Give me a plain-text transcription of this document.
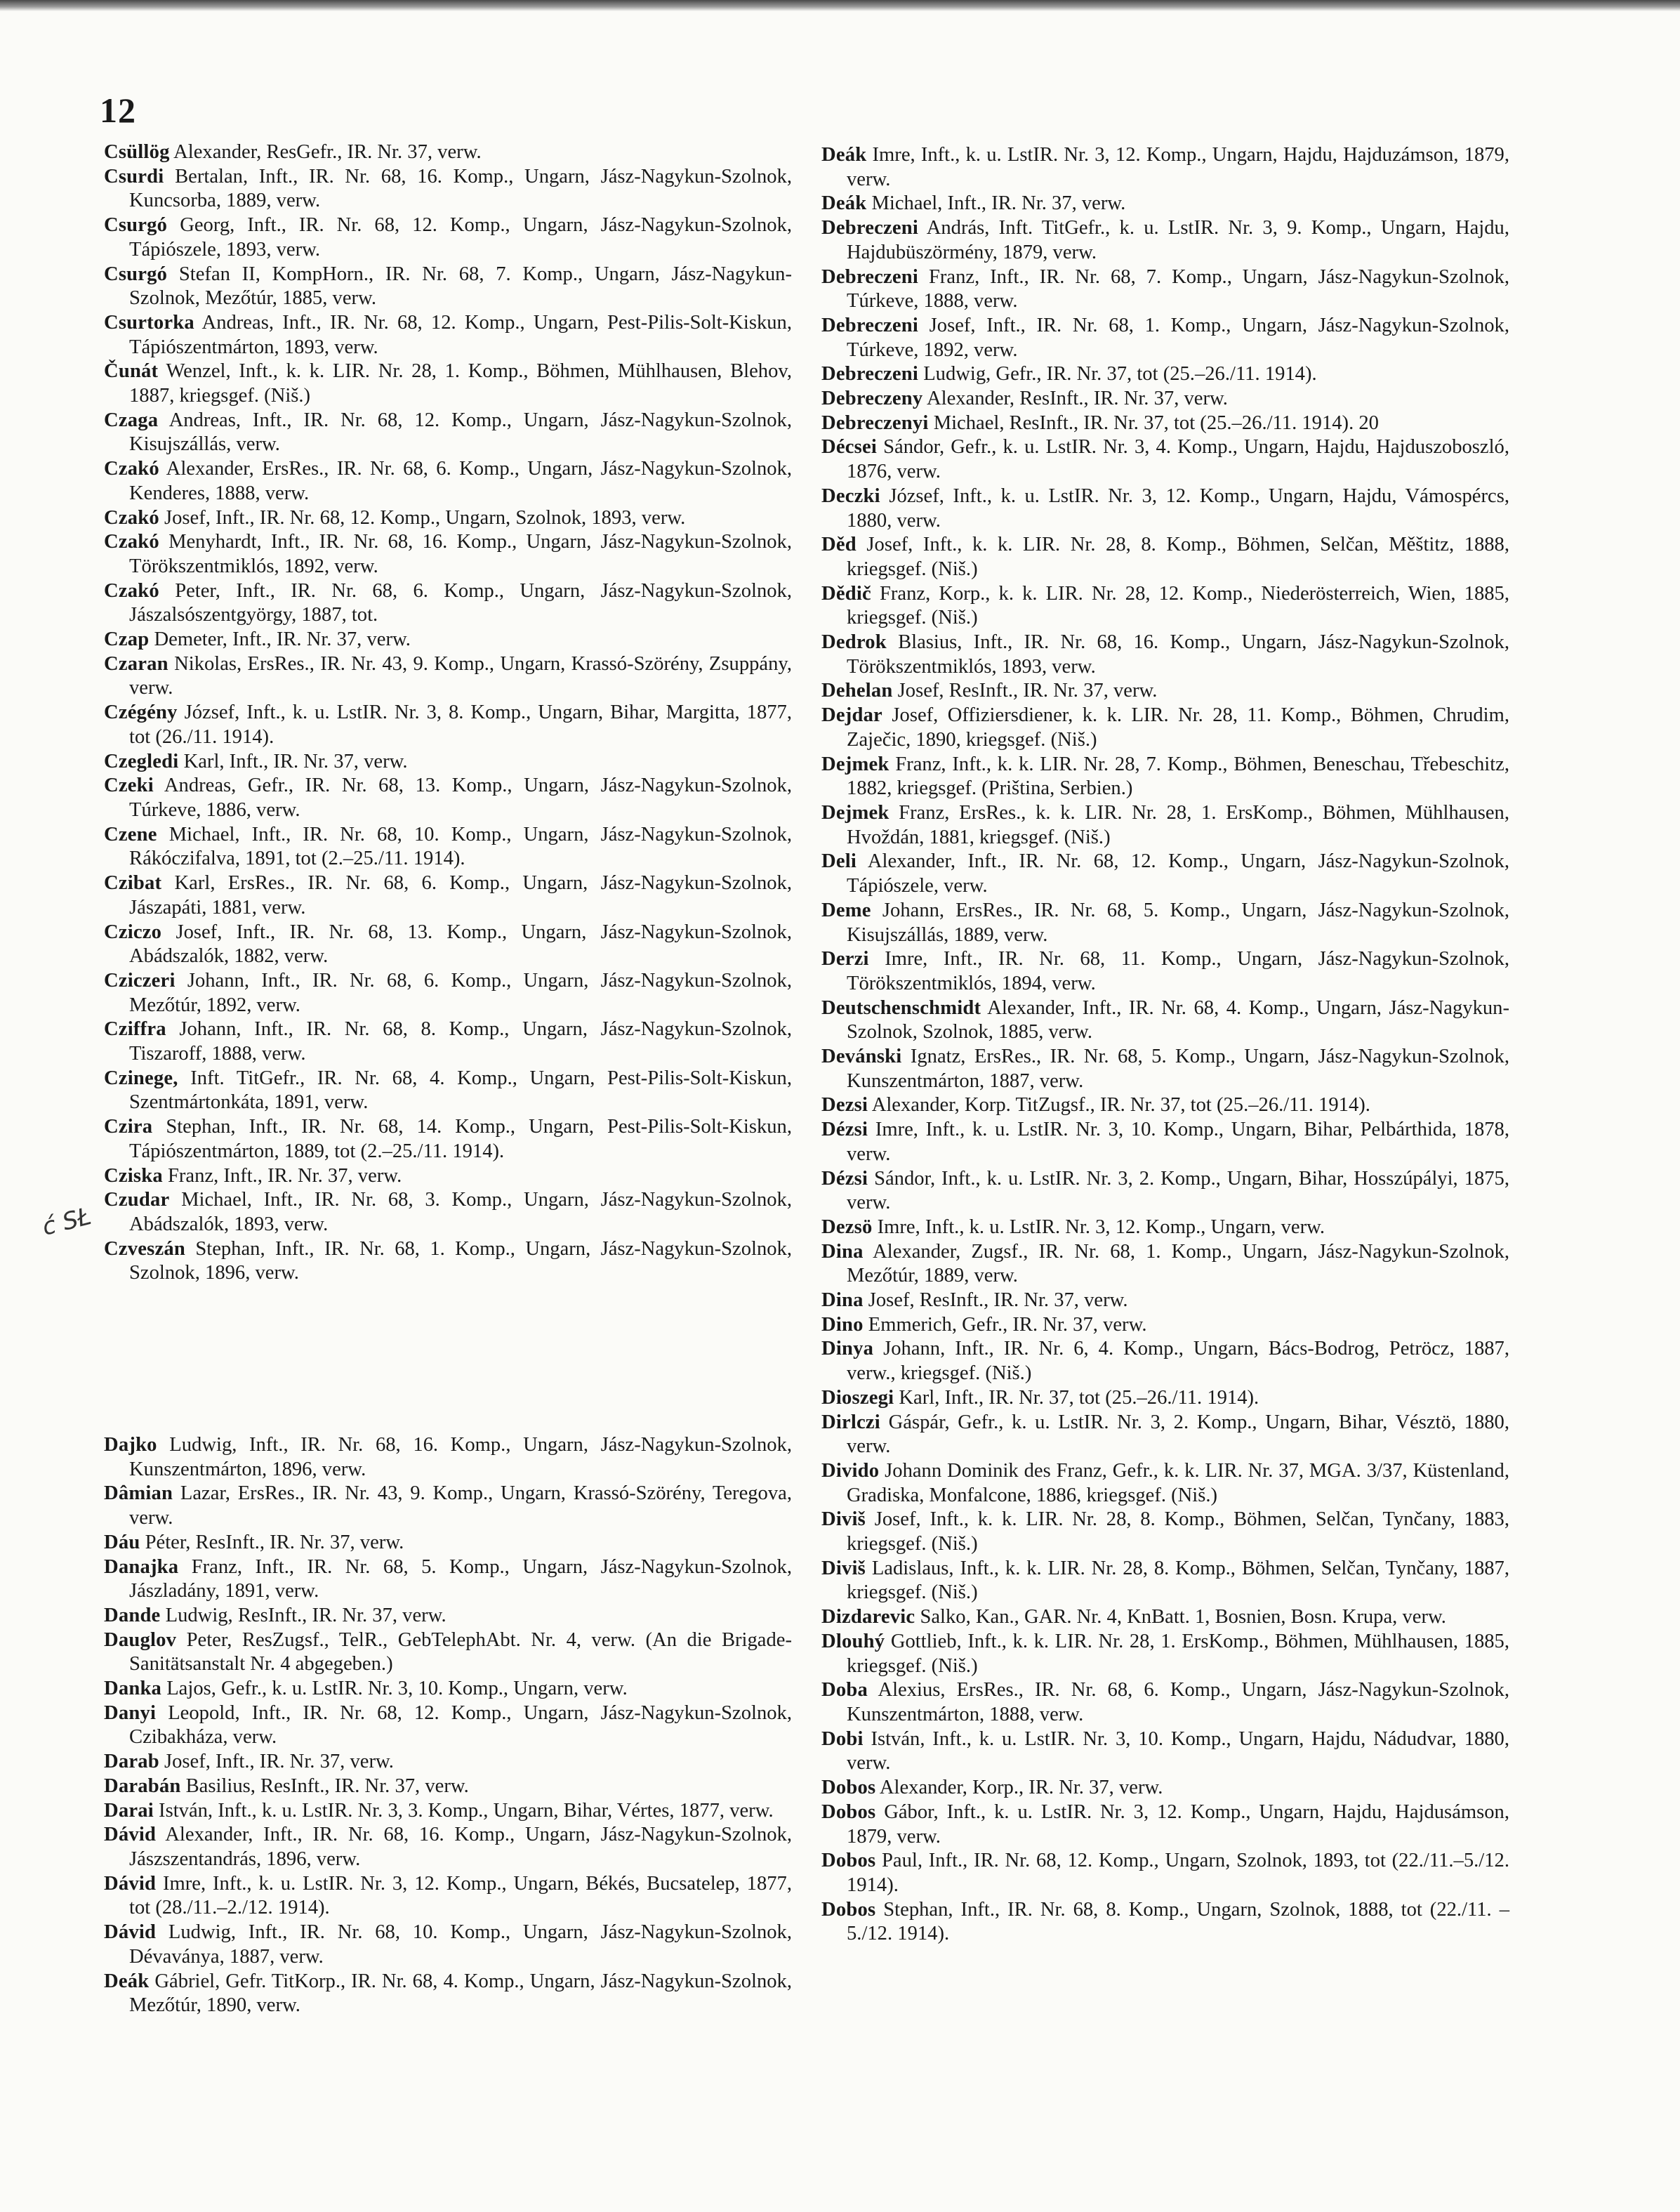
12
ć SŁ
Csüllög Alexander, ResGefr., IR. Nr. 37, verw.
Csurdi Bertalan, Inft., IR. Nr. 68, 16. Komp., Ungarn, Jász-Nagykun-Szolnok, Kuncsorba, 1889, verw.
Csurgó Georg, Inft., IR. Nr. 68, 12. Komp., Ungarn, Jász-Nagykun-Szolnok, Tápiószele, 1893, verw.
Csurgó Stefan II, KompHorn., IR. Nr. 68, 7. Komp., Ungarn, Jász-Nagykun-Szolnok, Mezőtúr, 1885, verw.
Csurtorka Andreas, Inft., IR. Nr. 68, 12. Komp., Ungarn, Pest-Pilis-Solt-Kiskun, Tápiószentmárton, 1893, verw.
Čunát Wenzel, Inft., k. k. LIR. Nr. 28, 1. Komp., Böhmen, Mühlhausen, Blehov, 1887, kriegsgef. (Niš.)
Czaga Andreas, Inft., IR. Nr. 68, 12. Komp., Ungarn, Jász-Nagykun-Szolnok, Kisujszállás, verw.
Czakó Alexander, ErsRes., IR. Nr. 68, 6. Komp., Ungarn, Jász-Nagykun-Szolnok, Kenderes, 1888, verw.
Czakó Josef, Inft., IR. Nr. 68, 12. Komp., Ungarn, Szolnok, 1893, verw.
Czakó Menyhardt, Inft., IR. Nr. 68, 16. Komp., Ungarn, Jász-Nagykun-Szolnok, Törökszentmiklós, 1892, verw.
Czakó Peter, Inft., IR. Nr. 68, 6. Komp., Ungarn, Jász-Nagykun-Szolnok, Jászalsószentgyörgy, 1887, tot.
Czap Demeter, Inft., IR. Nr. 37, verw.
Czaran Nikolas, ErsRes., IR. Nr. 43, 9. Komp., Ungarn, Krassó-Szörény, Zsuppány, verw.
Czégény József, Inft., k. u. LstIR. Nr. 3, 8. Komp., Ungarn, Bihar, Margitta, 1877, tot (26./11. 1914).
Czegledi Karl, Inft., IR. Nr. 37, verw.
Czeki Andreas, Gefr., IR. Nr. 68, 13. Komp., Ungarn, Jász-Nagykun-Szolnok, Túrkeve, 1886, verw.
Czene Michael, Inft., IR. Nr. 68, 10. Komp., Ungarn, Jász-Nagykun-Szolnok, Rákóczifalva, 1891, tot (2.–25./11. 1914).
Czibat Karl, ErsRes., IR. Nr. 68, 6. Komp., Ungarn, Jász-Nagykun-Szolnok, Jászapáti, 1881, verw.
Cziczo Josef, Inft., IR. Nr. 68, 13. Komp., Ungarn, Jász-Nagykun-Szolnok, Abádszalók, 1882, verw.
Cziczeri Johann, Inft., IR. Nr. 68, 6. Komp., Ungarn, Jász-Nagykun-Szolnok, Mezőtúr, 1892, verw.
Cziffra Johann, Inft., IR. Nr. 68, 8. Komp., Ungarn, Jász-Nagykun-Szolnok, Tiszaroff, 1888, verw.
Czinege, Inft. TitGefr., IR. Nr. 68, 4. Komp., Ungarn, Pest-Pilis-Solt-Kiskun, Szentmártonkáta, 1891, verw.
Czira Stephan, Inft., IR. Nr. 68, 14. Komp., Ungarn, Pest-Pilis-Solt-Kiskun, Tápiószentmárton, 1889, tot (2.–25./11. 1914).
Cziska Franz, Inft., IR. Nr. 37, verw.
Czudar Michael, Inft., IR. Nr. 68, 3. Komp., Ungarn, Jász-Nagykun-Szolnok, Abádszalók, 1893, verw.
Czveszán Stephan, Inft., IR. Nr. 68, 1. Komp., Ungarn, Jász-Nagykun-Szolnok, Szolnok, 1896, verw.
Dajko Ludwig, Inft., IR. Nr. 68, 16. Komp., Ungarn, Jász-Nagykun-Szolnok, Kunszentmárton, 1896, verw.
Dâmian Lazar, ErsRes., IR. Nr. 43, 9. Komp., Ungarn, Krassó-Szörény, Teregova, verw.
Dáu Péter, ResInft., IR. Nr. 37, verw.
Danajka Franz, Inft., IR. Nr. 68, 5. Komp., Ungarn, Jász-Nagykun-Szolnok, Jászladány, 1891, verw.
Dande Ludwig, ResInft., IR. Nr. 37, verw.
Dauglov Peter, ResZugsf., TelR., GebTelephAbt. Nr. 4, verw. (An die Brigade-Sanitätsanstalt Nr. 4 abgegeben.)
Danka Lajos, Gefr., k. u. LstIR. Nr. 3, 10. Komp., Ungarn, verw.
Danyi Leopold, Inft., IR. Nr. 68, 12. Komp., Ungarn, Jász-Nagykun-Szolnok, Czibakháza, verw.
Darab Josef, Inft., IR. Nr. 37, verw.
Darabán Basilius, ResInft., IR. Nr. 37, verw.
Darai István, Inft., k. u. LstIR. Nr. 3, 3. Komp., Ungarn, Bihar, Vértes, 1877, verw.
Dávid Alexander, Inft., IR. Nr. 68, 16. Komp., Ungarn, Jász-Nagykun-Szolnok, Jászszentandrás, 1896, verw.
Dávid Imre, Inft., k. u. LstIR. Nr. 3, 12. Komp., Ungarn, Békés, Bucsatelep, 1877, tot (28./11.–2./12. 1914).
Dávid Ludwig, Inft., IR. Nr. 68, 10. Komp., Ungarn, Jász-Nagykun-Szolnok, Dévaványa, 1887, verw.
Deák Gábriel, Gefr. TitKorp., IR. Nr. 68, 4. Komp., Ungarn, Jász-Nagykun-Szolnok, Mezőtúr, 1890, verw.
Deák Imre, Inft., k. u. LstIR. Nr. 3, 12. Komp., Ungarn, Hajdu, Hajduzámson, 1879, verw.
Deák Michael, Inft., IR. Nr. 37, verw.
Debreczeni András, Inft. TitGefr., k. u. LstIR. Nr. 3, 9. Komp., Ungarn, Hajdu, Hajdubüszörmény, 1879, verw.
Debreczeni Franz, Inft., IR. Nr. 68, 7. Komp., Ungarn, Jász-Nagykun-Szolnok, Túrkeve, 1888, verw.
Debreczeni Josef, Inft., IR. Nr. 68, 1. Komp., Ungarn, Jász-Nagykun-Szolnok, Túrkeve, 1892, verw.
Debreczeni Ludwig, Gefr., IR. Nr. 37, tot (25.–26./11. 1914).
Debreczeny Alexander, ResInft., IR. Nr. 37, verw.
Debreczenyi Michael, ResInft., IR. Nr. 37, tot (25.–26./11. 1914). 20
Décsei Sándor, Gefr., k. u. LstIR. Nr. 3, 4. Komp., Ungarn, Hajdu, Hajduszoboszló, 1876, verw.
Deczki József, Inft., k. u. LstIR. Nr. 3, 12. Komp., Ungarn, Hajdu, Vámospércs, 1880, verw.
Děd Josef, Inft., k. k. LIR. Nr. 28, 8. Komp., Böhmen, Selčan, Měštitz, 1888, kriegsgef. (Niš.)
Dědič Franz, Korp., k. k. LIR. Nr. 28, 12. Komp., Niederösterreich, Wien, 1885, kriegsgef. (Niš.)
Dedrok Blasius, Inft., IR. Nr. 68, 16. Komp., Ungarn, Jász-Nagykun-Szolnok, Törökszentmiklós, 1893, verw.
Dehelan Josef, ResInft., IR. Nr. 37, verw.
Dejdar Josef, Offiziersdiener, k. k. LIR. Nr. 28, 11. Komp., Böhmen, Chrudim, Zaječic, 1890, kriegsgef. (Niš.)
Dejmek Franz, Inft., k. k. LIR. Nr. 28, 7. Komp., Böhmen, Beneschau, Třebeschitz, 1882, kriegsgef. (Priština, Serbien.)
Dejmek Franz, ErsRes., k. k. LIR. Nr. 28, 1. ErsKomp., Böhmen, Mühlhausen, Hvoždán, 1881, kriegsgef. (Niš.)
Deli Alexander, Inft., IR. Nr. 68, 12. Komp., Ungarn, Jász-Nagykun-Szolnok, Tápiószele, verw.
Deme Johann, ErsRes., IR. Nr. 68, 5. Komp., Ungarn, Jász-Nagykun-Szolnok, Kisujszállás, 1889, verw.
Derzi Imre, Inft., IR. Nr. 68, 11. Komp., Ungarn, Jász-Nagykun-Szolnok, Törökszentmiklós, 1894, verw.
Deutschenschmidt Alexander, Inft., IR. Nr. 68, 4. Komp., Ungarn, Jász-Nagykun-Szolnok, Szolnok, 1885, verw.
Devánski Ignatz, ErsRes., IR. Nr. 68, 5. Komp., Ungarn, Jász-Nagykun-Szolnok, Kunszentmárton, 1887, verw.
Dezsi Alexander, Korp. TitZugsf., IR. Nr. 37, tot (25.–26./11. 1914).
Dézsi Imre, Inft., k. u. LstIR. Nr. 3, 10. Komp., Ungarn, Bihar, Pelbárthida, 1878, verw.
Dézsi Sándor, Inft., k. u. LstIR. Nr. 3, 2. Komp., Ungarn, Bihar, Hosszúpályi, 1875, verw.
Dezsö Imre, Inft., k. u. LstIR. Nr. 3, 12. Komp., Ungarn, verw.
Dina Alexander, Zugsf., IR. Nr. 68, 1. Komp., Ungarn, Jász-Nagykun-Szolnok, Mezőtúr, 1889, verw.
Dina Josef, ResInft., IR. Nr. 37, verw.
Dino Emmerich, Gefr., IR. Nr. 37, verw.
Dinya Johann, Inft., IR. Nr. 6, 4. Komp., Ungarn, Bács-Bodrog, Petröcz, 1887, verw., kriegsgef. (Niš.)
Dioszegi Karl, Inft., IR. Nr. 37, tot (25.–26./11. 1914).
Dirlczi Gáspár, Gefr., k. u. LstIR. Nr. 3, 2. Komp., Ungarn, Bihar, Vésztö, 1880, verw.
Divido Johann Dominik des Franz, Gefr., k. k. LIR. Nr. 37, MGA. 3/37, Küstenland, Gradiska, Monfalcone, 1886, kriegsgef. (Niš.)
Diviš Josef, Inft., k. k. LIR. Nr. 28, 8. Komp., Böhmen, Selčan, Tynčany, 1883, kriegsgef. (Niš.)
Diviš Ladislaus, Inft., k. k. LIR. Nr. 28, 8. Komp., Böhmen, Selčan, Tynčany, 1887, kriegsgef. (Niš.)
Dizdarevic Salko, Kan., GAR. Nr. 4, KnBatt. 1, Bosnien, Bosn. Krupa, verw.
Dlouhý Gottlieb, Inft., k. k. LIR. Nr. 28, 1. ErsKomp., Böhmen, Mühlhausen, 1885, kriegsgef. (Niš.)
Doba Alexius, ErsRes., IR. Nr. 68, 6. Komp., Ungarn, Jász-Nagykun-Szolnok, Kunszentmárton, 1888, verw.
Dobi István, Inft., k. u. LstIR. Nr. 3, 10. Komp., Ungarn, Hajdu, Nádudvar, 1880, verw.
Dobos Alexander, Korp., IR. Nr. 37, verw.
Dobos Gábor, Inft., k. u. LstIR. Nr. 3, 12. Komp., Ungarn, Hajdu, Hajdusámson, 1879, verw.
Dobos Paul, Inft., IR. Nr. 68, 12. Komp., Ungarn, Szolnok, 1893, tot (22./11.–5./12. 1914).
Dobos Stephan, Inft., IR. Nr. 68, 8. Komp., Ungarn, Szolnok, 1888, tot (22./11. –5./12. 1914).
